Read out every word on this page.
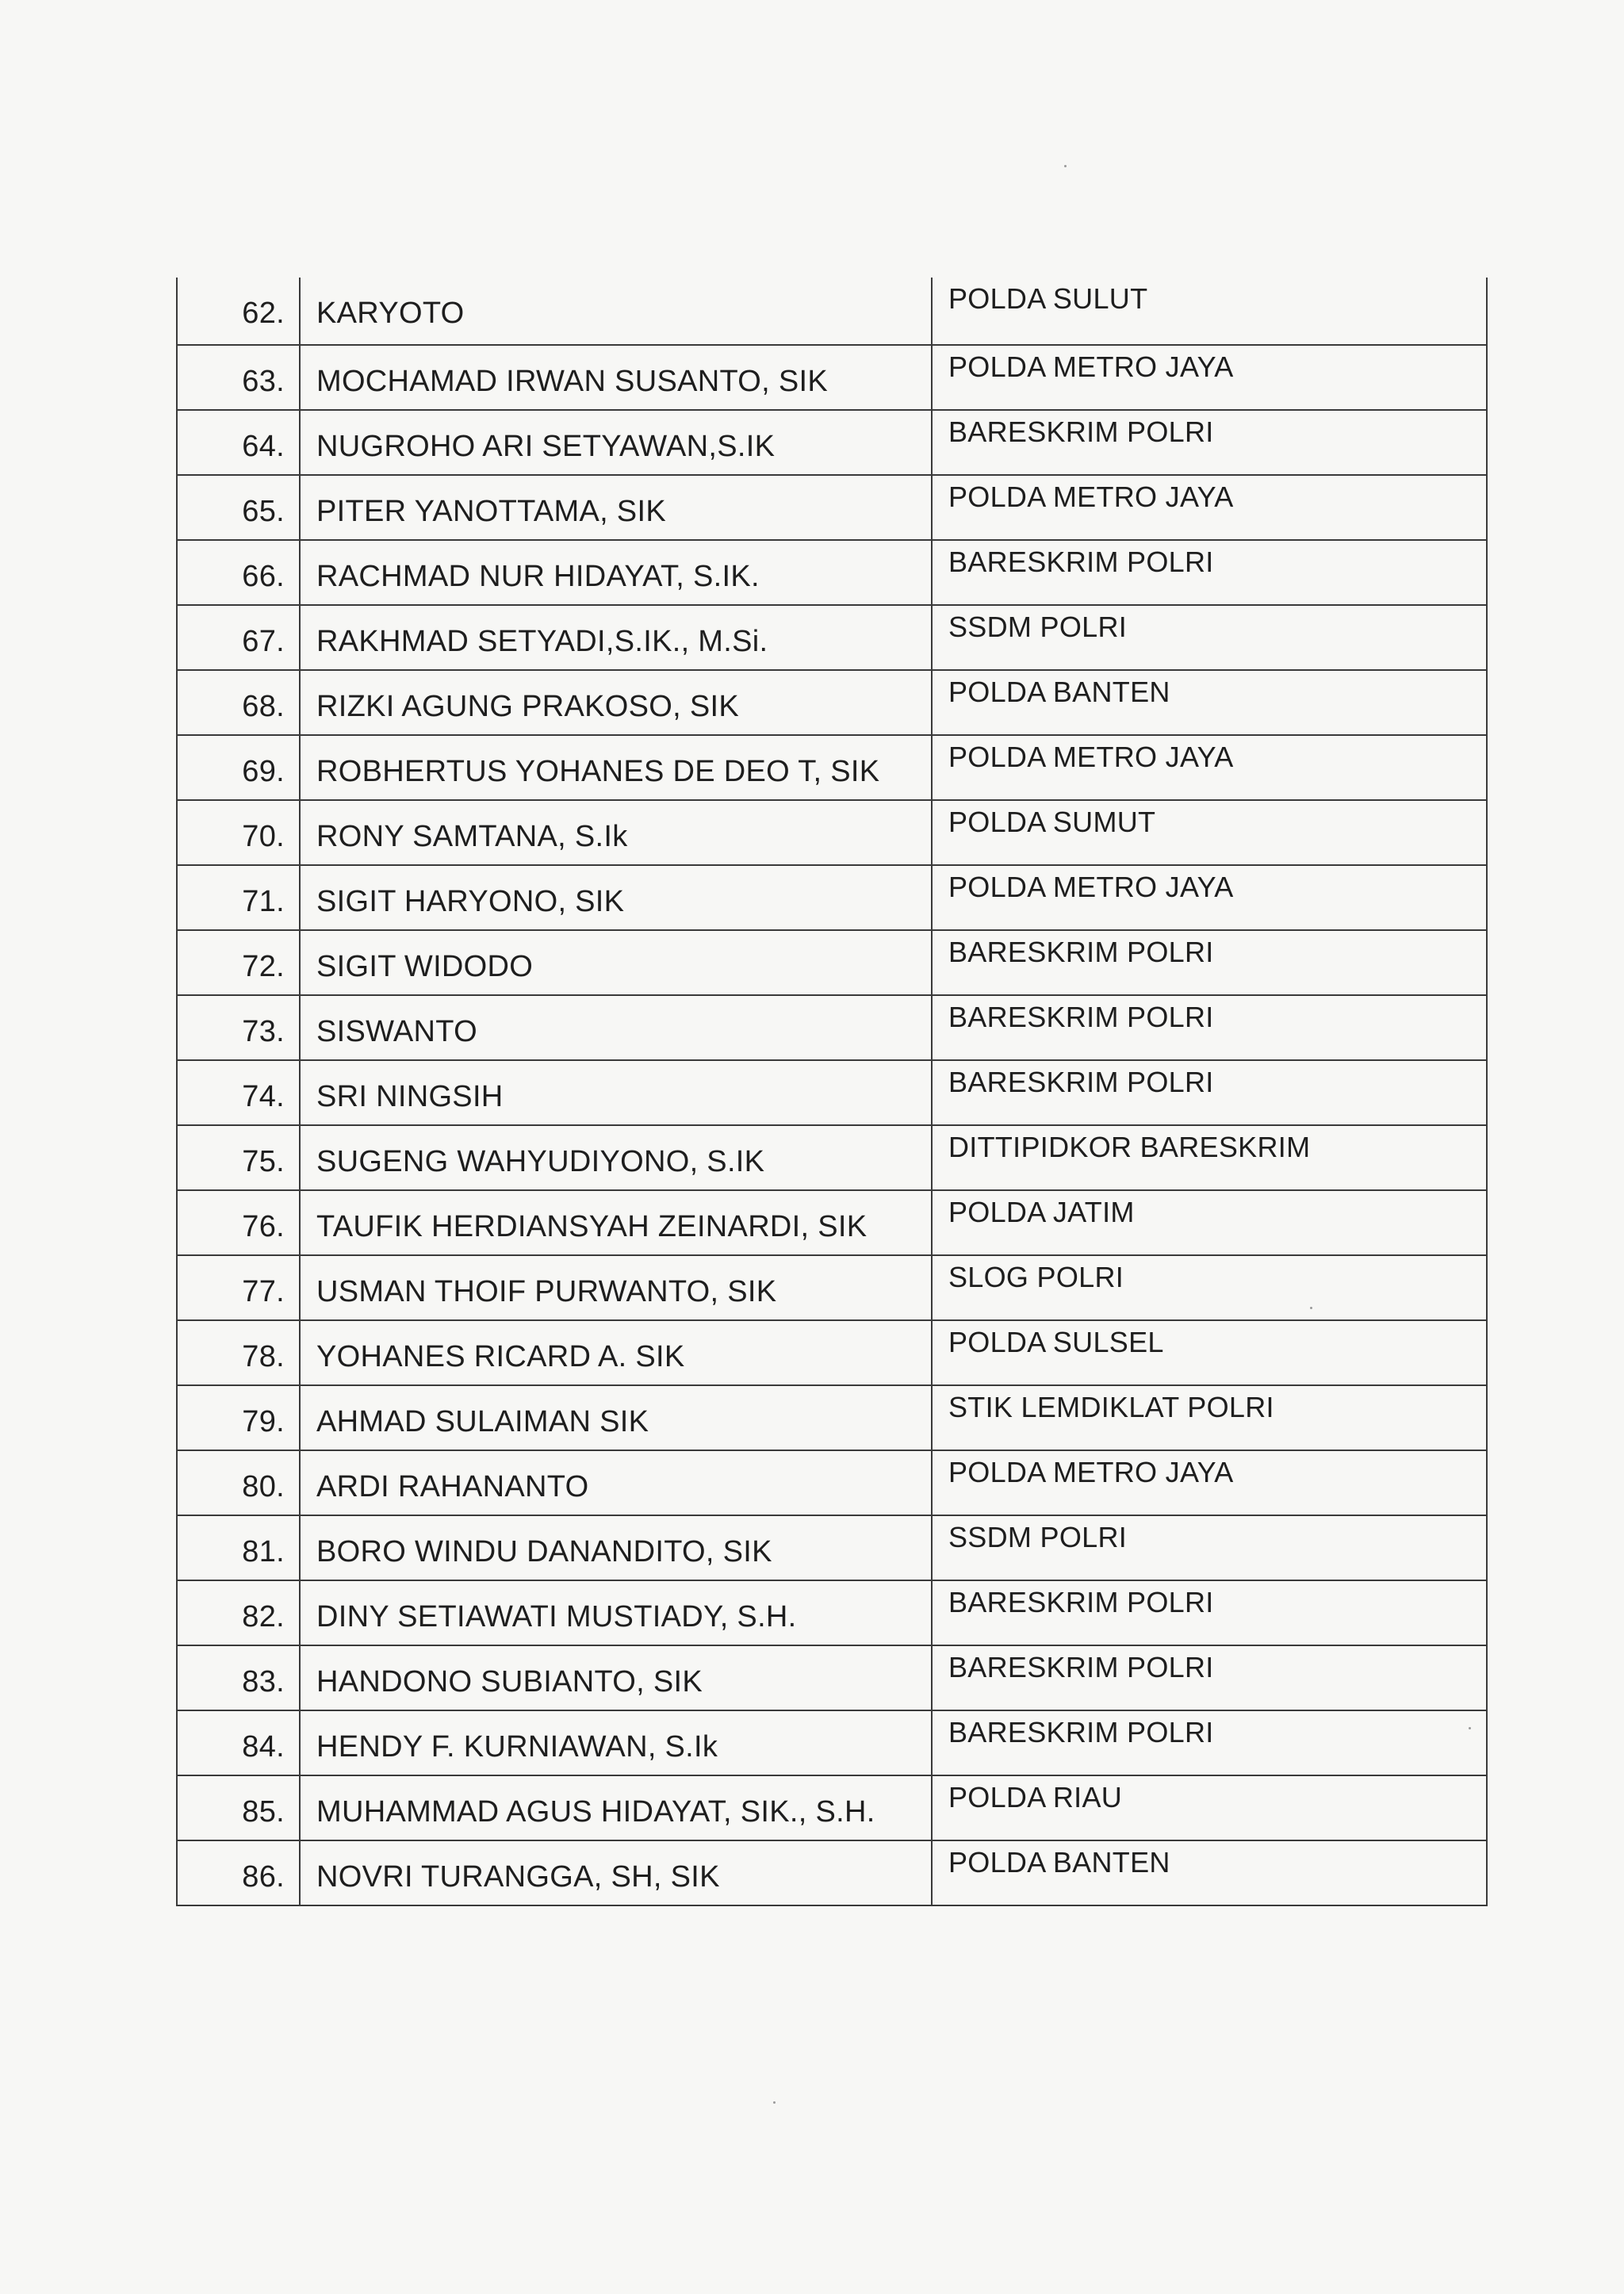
62.	KARYOTO	POLDA SULUT
63.	MOCHAMAD IRWAN SUSANTO, SIK	POLDA METRO JAYA
64.	NUGROHO ARI SETYAWAN,S.IK	BARESKRIM POLRI
65.	PITER YANOTTAMA, SIK	POLDA METRO JAYA
66.	RACHMAD NUR HIDAYAT, S.IK.	BARESKRIM POLRI
67.	RAKHMAD SETYADI,S.IK., M.Si.	SSDM POLRI
68.	RIZKI AGUNG PRAKOSO, SIK	POLDA BANTEN
69.	ROBHERTUS YOHANES DE DEO T, SIK	POLDA METRO JAYA
70.	RONY SAMTANA, S.Ik	POLDA SUMUT
71.	SIGIT HARYONO, SIK	POLDA METRO JAYA
72.	SIGIT WIDODO	BARESKRIM POLRI
73.	SISWANTO	BARESKRIM POLRI
74.	SRI NINGSIH	BARESKRIM POLRI
75.	SUGENG WAHYUDIYONO, S.IK	DITTIPIDKOR BARESKRIM
76.	TAUFIK HERDIANSYAH ZEINARDI, SIK	POLDA JATIM
77.	USMAN THOIF PURWANTO, SIK	SLOG POLRI
78.	YOHANES RICARD A. SIK	POLDA SULSEL
79.	AHMAD SULAIMAN SIK	STIK LEMDIKLAT POLRI
80.	ARDI RAHANANTO	POLDA METRO JAYA
81.	BORO WINDU DANANDITO, SIK	SSDM POLRI
82.	DINY SETIAWATI MUSTIADY, S.H.	BARESKRIM POLRI
83.	HANDONO SUBIANTO, SIK	BARESKRIM POLRI
84.	HENDY F. KURNIAWAN, S.Ik	BARESKRIM POLRI
85.	MUHAMMAD AGUS HIDAYAT, SIK., S.H.	POLDA RIAU
86.	NOVRI TURANGGA, SH, SIK	POLDA BANTEN
